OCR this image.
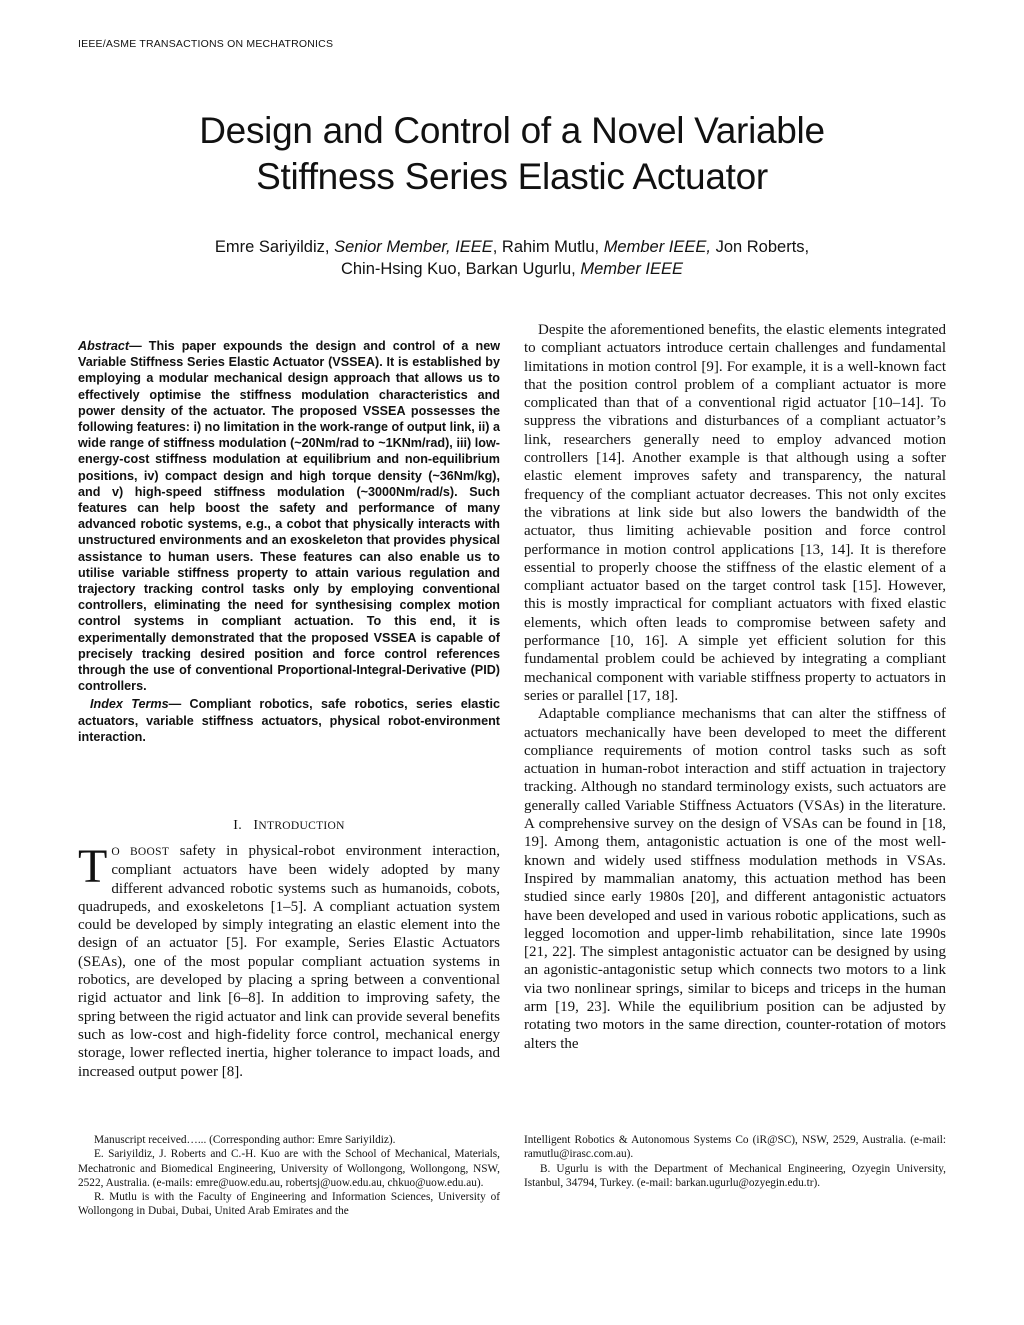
IEEE/ASME TRANSACTIONS ON MECHATRONICS
Design and Control of a Novel Variable
Stiffness Series Elastic Actuator
Emre Sariyildiz, Senior Member, IEEE, Rahim Mutlu, Member IEEE, Jon Roberts,
Chin-Hsing Kuo, Barkan Ugurlu, Member IEEE

Abstract— This paper expounds the design and control of a new Variable Stiffness Series Elastic Actuator (VSSEA). It is established by employing a modular mechanical design approach that allows us to effectively optimise the stiffness modulation characteristics and power density of the actuator. The proposed VSSEA possesses the following features: i) no limitation in the work-range of output link, ii) a wide range of stiffness modulation (~20Nm/rad to ~1KNm/rad), iii) low-energy-cost stiffness modulation at equilibrium and non-equilibrium positions, iv) compact design and high torque density (~36Nm/kg), and v) high-speed stiffness modulation (~3000Nm/rad/s). Such features can help boost the safety and performance of many advanced robotic systems, e.g., a cobot that physically interacts with unstructured environments and an exoskeleton that provides physical assistance to human users. These features can also enable us to utilise variable stiffness property to attain various regulation and trajectory tracking control tasks only by employing conventional controllers, eliminating the need for synthesising complex motion control systems in compliant actuation. To this end, it is experimentally demonstrated that the proposed VSSEA is capable of precisely tracking desired position and force control references through the use of conventional Proportional-Integral-Derivative (PID) controllers.

Index Terms— Compliant robotics, safe robotics, series elastic actuators, variable stiffness actuators, physical robot-environment interaction.

I. INTRODUCTION

T O BOOST safety in physical-robot environment interaction, compliant actuators have been widely adopted by many different advanced robotic systems such as humanoids, cobots, quadrupeds, and exoskeletons [1–5]. A compliant actuation system could be developed by simply integrating an elastic element into the design of an actuator [5]. For example, Series Elastic Actuators (SEAs), one of the most popular compliant actuation systems in robotics, are developed by placing a spring between a conventional rigid actuator and link [6–8]. In addition to improving safety, the spring between the rigid actuator and link can provide several benefits such as low-cost and high-fidelity force control, mechanical energy storage, lower reflected inertia, higher tolerance to impact loads, and increased output power [8].

Despite the aforementioned benefits, the elastic elements integrated to compliant actuators introduce certain challenges and fundamental limitations in motion control [9]. For example, it is a well-known fact that the position control problem of a compliant actuator is more complicated than that of a conventional rigid actuator [10–14]. To suppress the vibrations and disturbances of a compliant actuator’s link, researchers generally need to employ advanced motion controllers [14]. Another example is that although using a softer elastic element improves safety and transparency, the natural frequency of the compliant actuator decreases. This not only excites the vibrations at link side but also lowers the bandwidth of the actuator, thus limiting achievable position and force control performance in motion control applications [13, 14]. It is therefore essential to properly choose the stiffness of the elastic element of a compliant actuator based on the target control task [15]. However, this is mostly impractical for compliant actuators with fixed elastic elements, which often leads to compromise between safety and performance [10, 16]. A simple yet efficient solution for this fundamental problem could be achieved by integrating a compliant mechanical component with variable stiffness property to actuators in series or parallel [17, 18].

Adaptable compliance mechanisms that can alter the stiffness of actuators mechanically have been developed to meet the different compliance requirements of motion control tasks such as soft actuation in human-robot interaction and stiff actuation in trajectory tracking. Although no standard terminology exists, such actuators are generally called Variable Stiffness Actuators (VSAs) in the literature. A comprehensive survey on the design of VSAs can be found in [18, 19]. Among them, antagonistic actuation is one of the most well-known and widely used stiffness modulation methods in VSAs. Inspired by mammalian anatomy, this actuation method has been studied since early 1980s [20], and different antagonistic actuators have been developed and used in various robotic applications, such as legged locomotion and upper-limb rehabilitation, since late 1990s [21, 22]. The simplest antagonistic actuator can be designed by using an agonistic-antagonistic setup which connects two motors to a link via two nonlinear springs, similar to biceps and triceps in the human arm [19, 23]. While the equilibrium position can be adjusted by rotating two motors in the same direction, counter-rotation of motors alters the

Manuscript received…... (Corresponding author: Emre Sariyildiz).

E. Sariyildiz, J. Roberts and C.-H. Kuo are with the School of Mechanical, Materials, Mechatronic and Biomedical Engineering, University of Wollongong, Wollongong, NSW, 2522, Australia. (e-mails: emre@uow.edu.au, robertsj@uow.edu.au, chkuo@uow.edu.au).

R. Mutlu is with the Faculty of Engineering and Information Sciences, University of Wollongong in Dubai, Dubai, United Arab Emirates and the

Intelligent Robotics & Autonomous Systems Co (iR@SC), NSW, 2529, Australia. (e-mail: ramutlu@irasc.com.au).

B. Ugurlu is with the Department of Mechanical Engineering, Ozyegin University, Istanbul, 34794, Turkey. (e-mail: barkan.ugurlu@ozyegin.edu.tr).
